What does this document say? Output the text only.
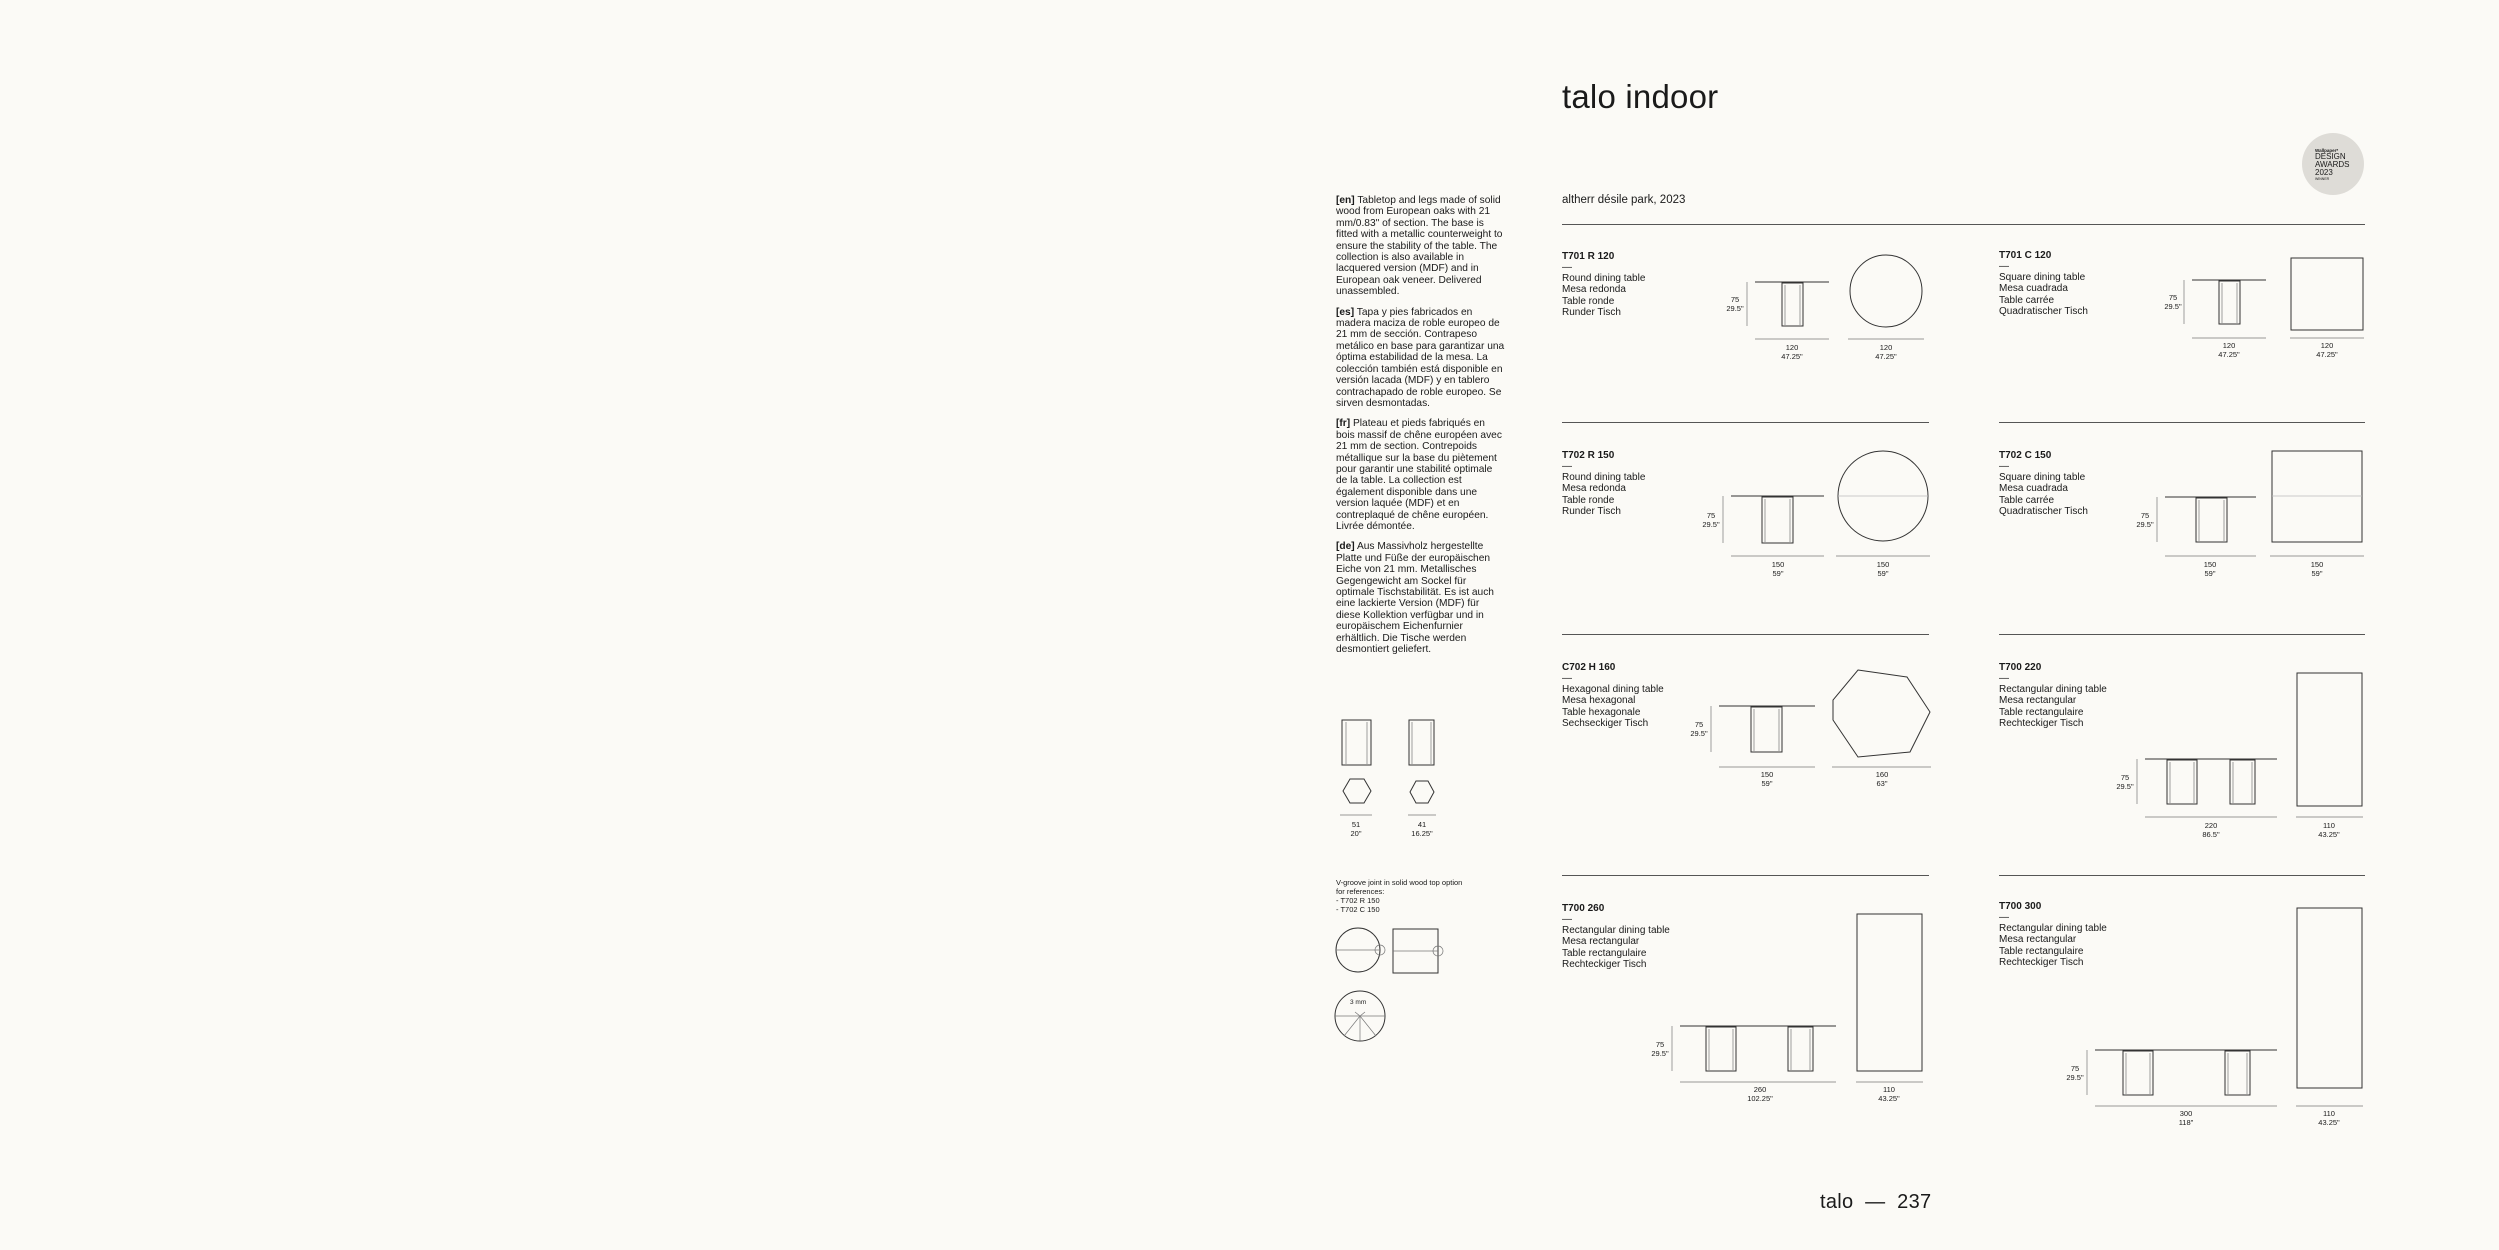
talo indoor
altherr désile park, 2023
Wallpaper*
DESIGN
AWARDS
2023
WINNER

[en] Tabletop and legs made of solid wood from European oaks with 21 mm/0.83" of section. The base is fitted with a metallic counterweight to ensure the stability of the table. The collection is also available in lacquered version (MDF) and in European oak veneer. Delivered unassembled.

[es] Tapa y pies fabricados en madera maciza de roble europeo de 21 mm de sección. Contrapeso metálico en base para garantizar una óptima estabilidad de la mesa. La colección también está disponible en versión lacada (MDF) y en tablero contrachapado de roble europeo. Se sirven desmontadas.

[fr] Plateau et pieds fabriqués en bois massif de chêne européen avec 21 mm de section. Contrepoids métallique sur la base du piètement pour garantir une stabilité optimale de la table. La collection est également disponible dans une version laquée (MDF) et en contreplaqué de chêne européen. Livrée démontée.

[de] Aus Massivholz hergestellte Platte und Füße der europäischen Eiche von 21 mm. Metallisches Gegengewicht am Sockel für optimale Tischstabilität. Es ist auch eine lackierte Version (MDF) für diese Kollektion verfügbar und in europäischem Eichenfurnier erhältlich. Die Tische werden desmontiert geliefert.

T701 R 120
—
Round dining table
Mesa redonda
Table ronde
Runder Tisch
T701 C 120
—
Square dining table
Mesa cuadrada
Table carrée
Quadratischer Tisch
T702 R 150
—
Round dining table
Mesa redonda
Table ronde
Runder Tisch
T702 C 150
—
Square dining table
Mesa cuadrada
Table carrée
Quadratischer Tisch
C702 H 160
—
Hexagonal dining table
Mesa hexagonal
Table hexagonale
Sechseckiger Tisch
T700 220
—
Rectangular dining table
Mesa rectangular
Table rectangulaire
Rechteckiger Tisch
T700 260
—
Rectangular dining table
Mesa rectangular
Table rectangulaire
Rechteckiger Tisch
T700 300
—
Rectangular dining table
Mesa rectangular
Table rectangulaire
Rechteckiger Tisch
75
29.5"
75
29.5"
75
29.5"
75
29.5"
75
29.5"
75
29.5"
75
29.5"
75
29.5"
120
47.25"
120
47.25"
120
47.25"
120
47.25"
150
59"
150
59"
150
59"
150
59"
150
59"
160
63"
220
86.5"
110
43.25"
260
102.25"
110
43.25"
300
118"
110
43.25"
51
20"
41
16.25"
V-groove joint in solid wood top option
for references:
- T702 R 150
- T702 C 150
3 mm
talo  —  237
